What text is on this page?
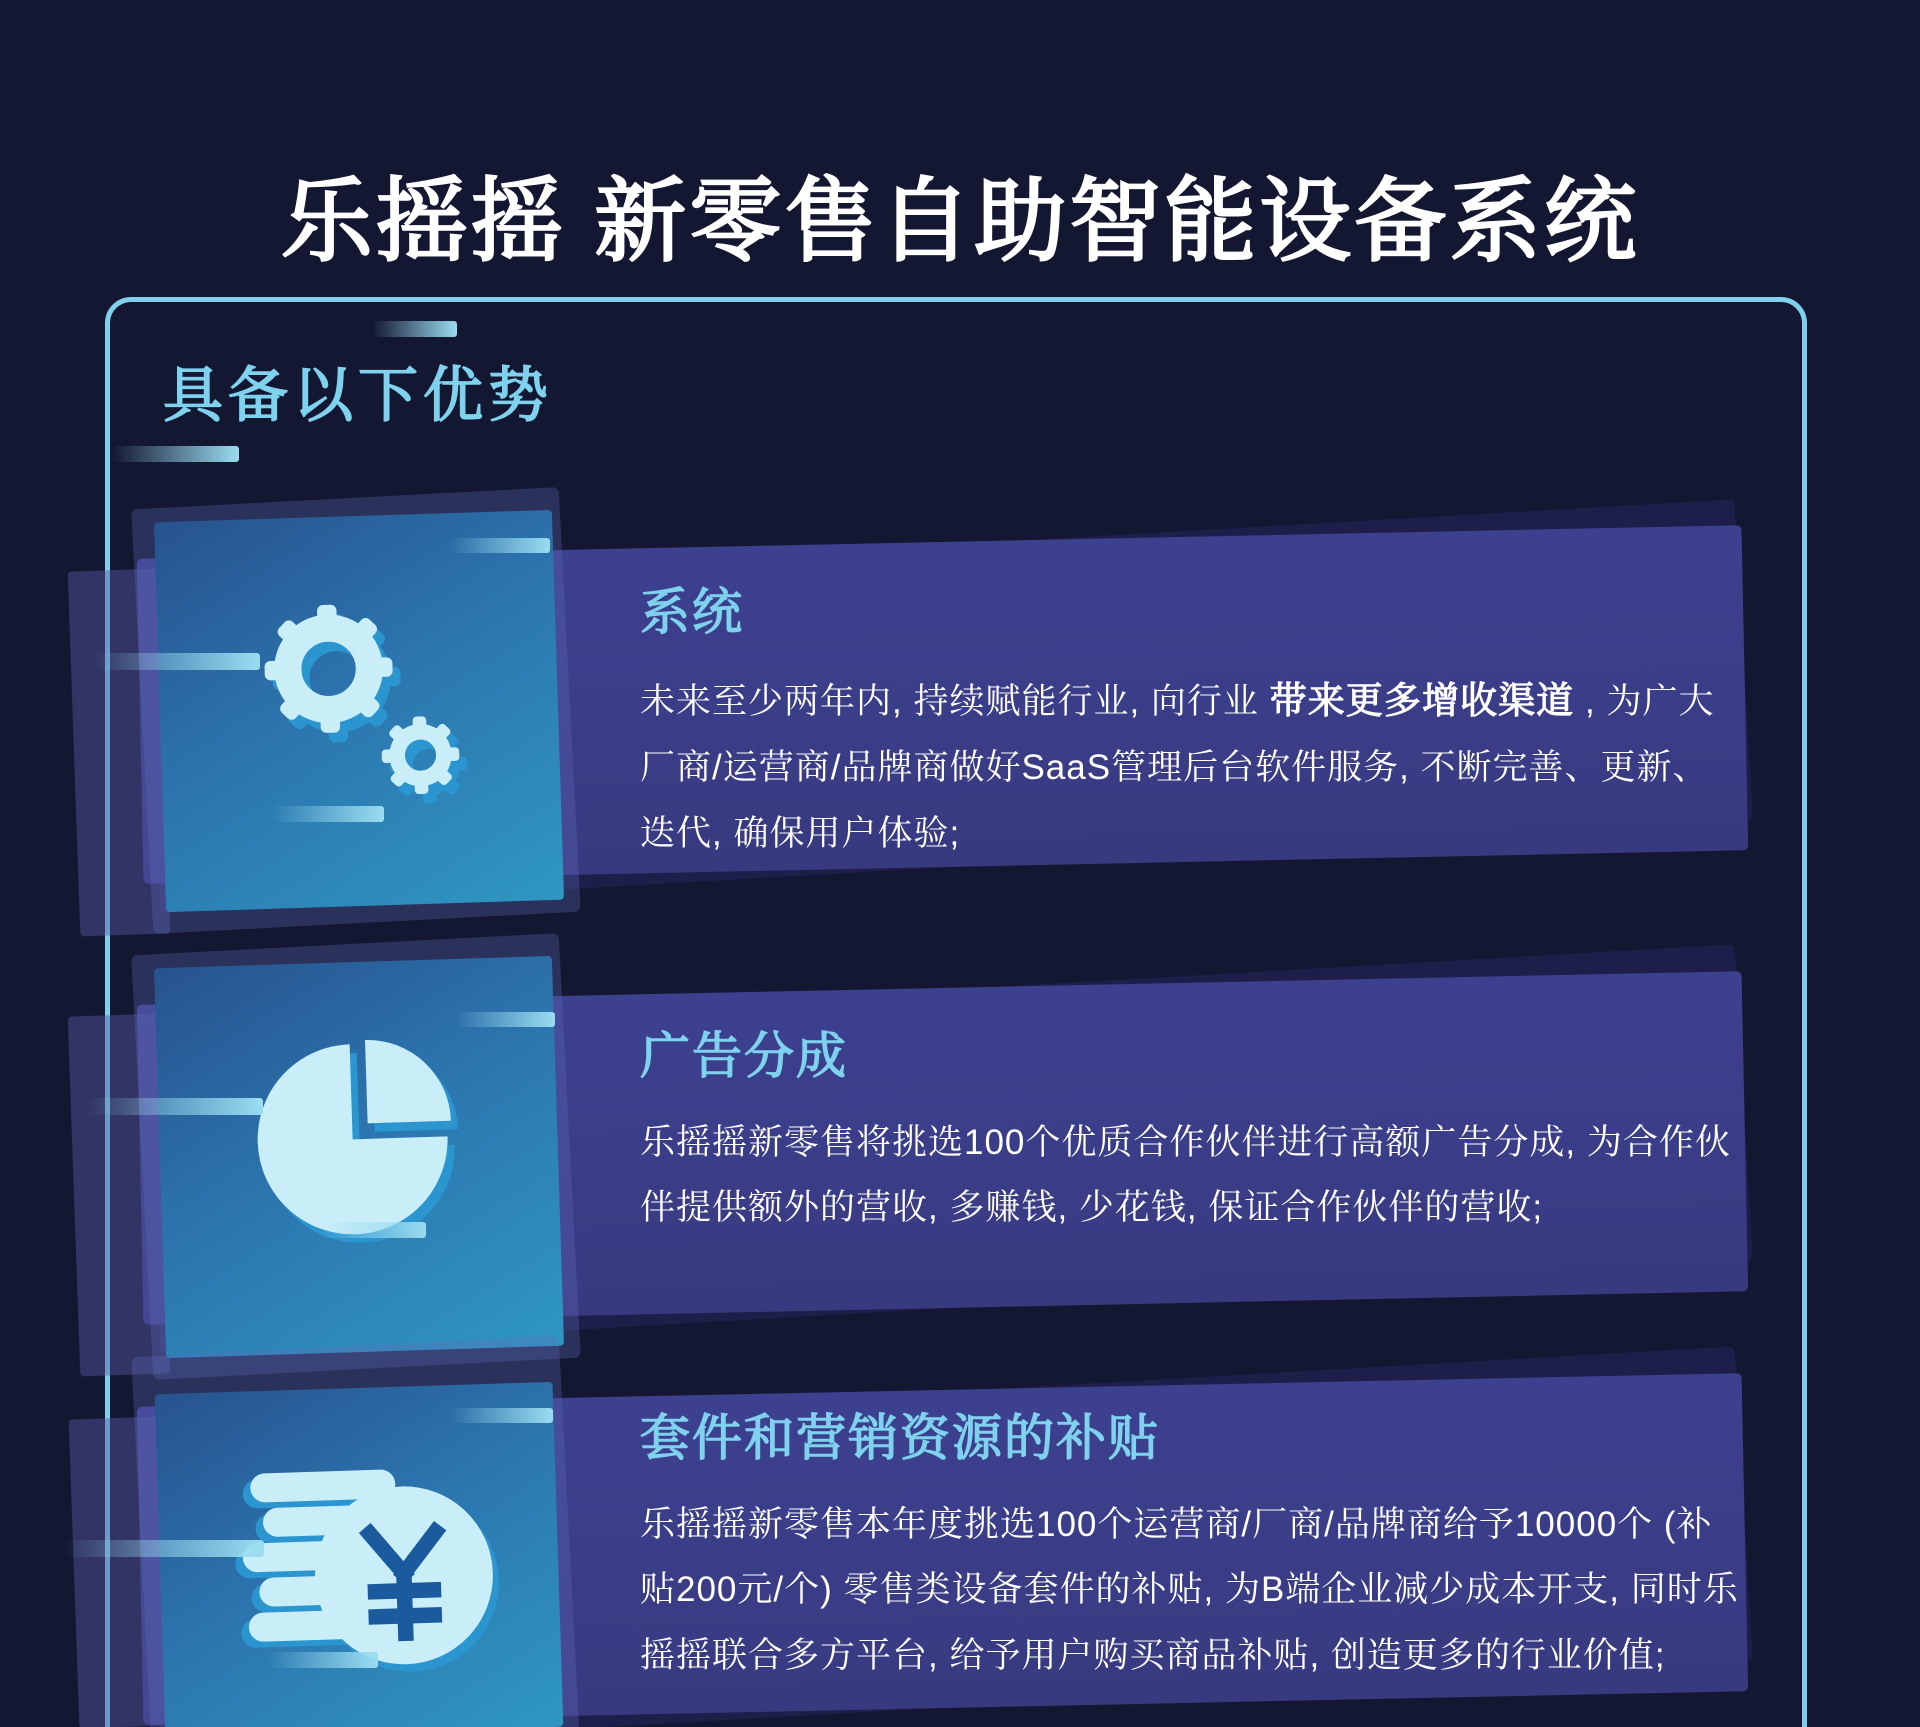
乐摇摇 新零售自助智能设备系统
具备以下优势
系统

未来至少两年内, 持续赋能行业, 向行业 带来更多增收渠道 , 为广大厂商/运营商/品牌商做好SaaS管理后台软件服务, 不断完善、更新、迭代, 确保用户体验;

广告分成

乐摇摇新零售将挑选100个优质合作伙伴进行高额广告分成, 为合作伙伴提供额外的营收, 多赚钱, 少花钱, 保证合作伙伴的营收;

套件和营销资源的补贴

乐摇摇新零售本年度挑选100个运营商/厂商/品牌商给予10000个 (补贴200元/个) 零售类设备套件的补贴, 为B端企业减少成本开支, 同时乐摇摇联合多方平台, 给予用户购买商品补贴, 创造更多的行业价值;
